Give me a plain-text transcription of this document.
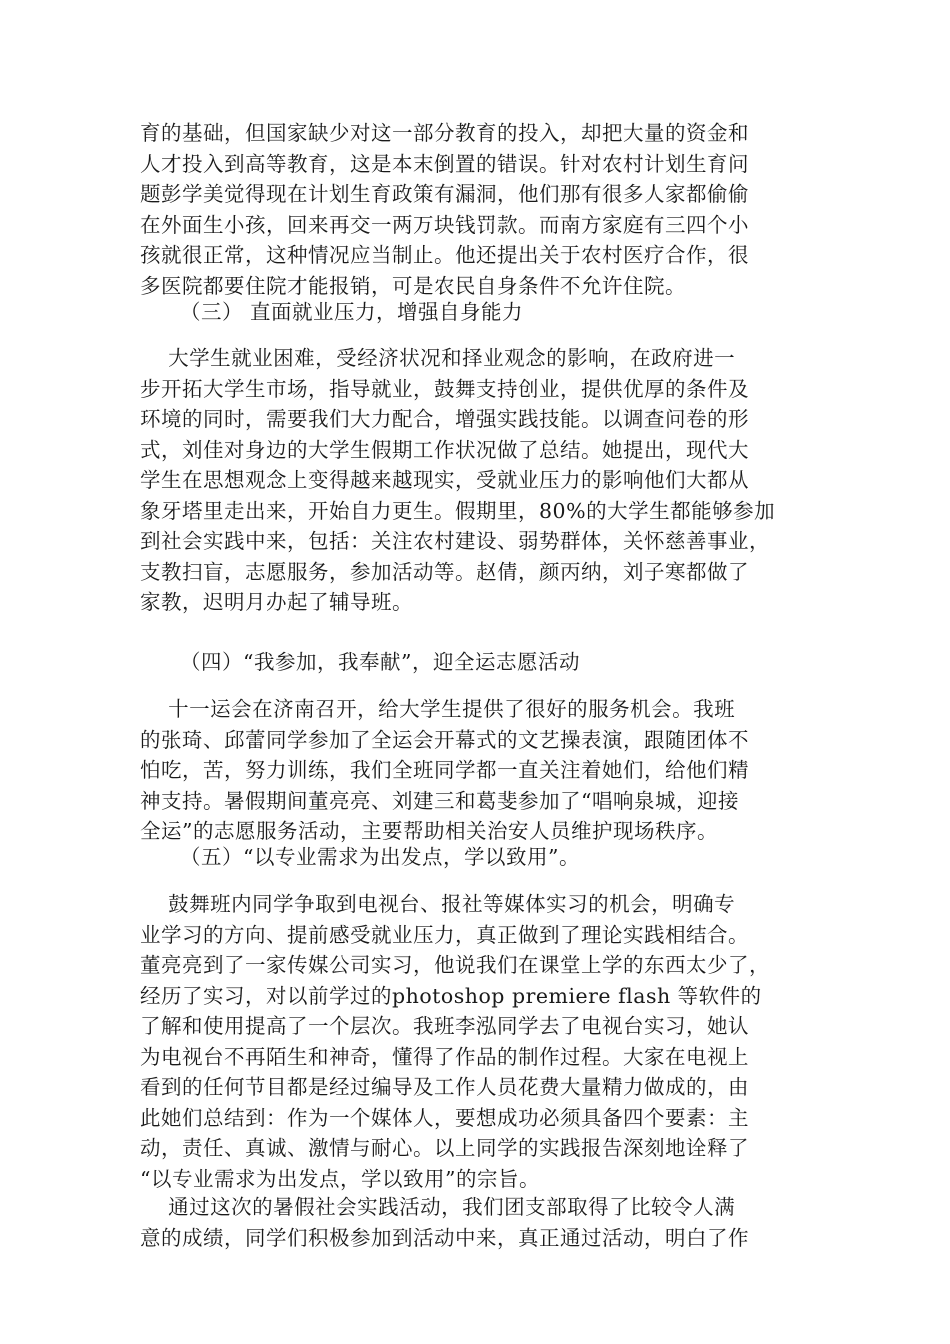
育的基础，但国家缺少对这一部分教育的投入，却把大量的资金和
人才投入到高等教育，这是本末倒置的错误。针对农村计划生育问
题彭学美觉得现在计划生育政策有漏洞，他们那有很多人家都偷偷
在外面生小孩，回来再交一两万块钱罚款。而南方家庭有三四个小
孩就很正常，这种情况应当制止。他还提出关于农村医疗合作，很
多医院都要住院才能报销，可是农民自身条件不允许住院。
（三） 直面就业压力，增强自身能力
大学生就业困难，受经济状况和择业观念的影响，在政府进一
步开拓大学生市场，指导就业，鼓舞支持创业，提供优厚的条件及
环境的同时，需要我们大力配合，增强实践技能。以调查问卷的形
式，刘佳对身边的大学生假期工作状况做了总结。她提出，现代大
学生在思想观念上变得越来越现实，受就业压力的影响他们大都从
象牙塔里走出来，开始自力更生。假期里，80%的大学生都能够参加
到社会实践中来，包括：关注农村建设、弱势群体，关怀慈善事业，
支教扫盲，志愿服务，参加活动等。赵倩，颜丙纳，刘子寒都做了
家教，迟明月办起了辅导班。
（四）“我参加，我奉献”，迎全运志愿活动
十一运会在济南召开，给大学生提供了很好的服务机会。我班
的张琦、邱蕾同学参加了全运会开幕式的文艺操表演，跟随团体不
怕吃，苦，努力训练，我们全班同学都一直关注着她们，给他们精
神支持。暑假期间董亮亮、刘建三和葛斐参加了“唱响泉城，迎接
全运”的志愿服务活动，主要帮助相关治安人员维护现场秩序。
（五）“以专业需求为出发点，学以致用”。
鼓舞班内同学争取到电视台、报社等媒体实习的机会，明确专
业学习的方向、提前感受就业压力，真正做到了理论实践相结合。
董亮亮到了一家传媒公司实习，他说我们在课堂上学的东西太少了，
经历了实习，对以前学过的photoshop premiere flash 等软件的
了解和使用提高了一个层次。我班李泓同学去了电视台实习，她认
为电视台不再陌生和神奇，懂得了作品的制作过程。大家在电视上
看到的任何节目都是经过编导及工作人员花费大量精力做成的，由
此她们总结到：作为一个媒体人，要想成功必须具备四个要素：主
动，责任、真诚、激情与耐心。以上同学的实践报告深刻地诠释了
“以专业需求为出发点，学以致用”的宗旨。
通过这次的暑假社会实践活动，我们团支部取得了比较令人满
意的成绩，同学们积极参加到活动中来，真正通过活动，明白了作
